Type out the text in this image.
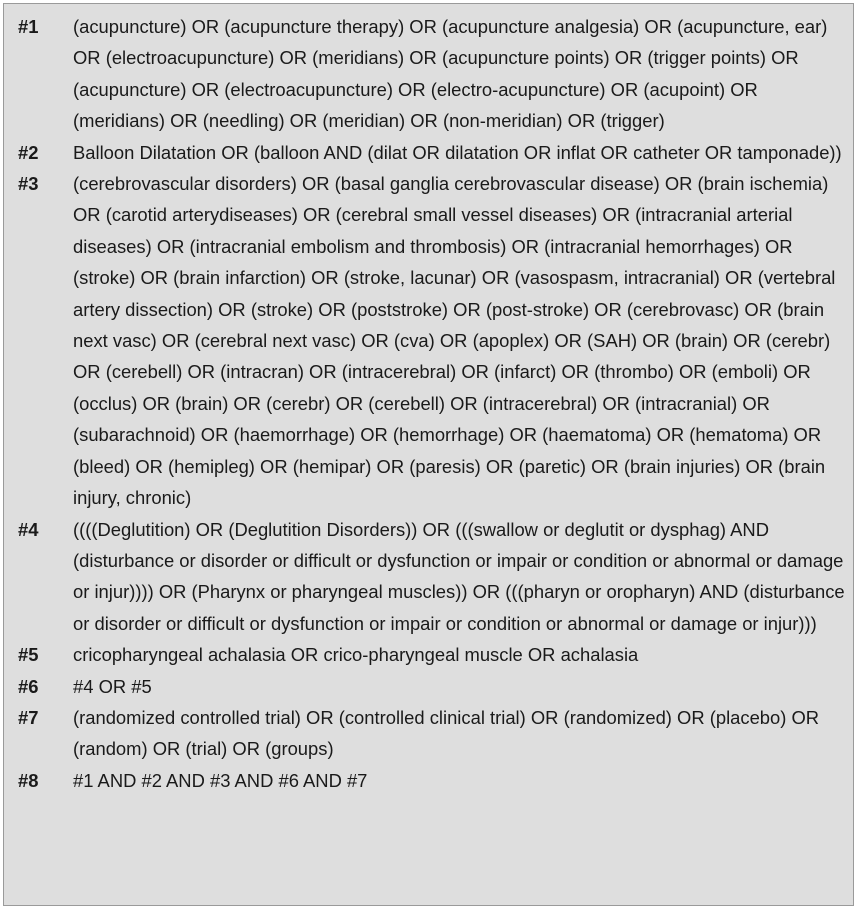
#1	(acupuncture) OR (acupuncture therapy) OR (acupuncture analgesia) OR (acupuncture, ear) OR (electroacupuncture) OR (meridians) OR (acupuncture points) OR (trigger points) OR (acupuncture) OR (electroacupuncture) OR (electro-acupuncture) OR (acupoint) OR (meridians) OR (needling) OR (meridian) OR (non-meridian) OR (trigger)
#2	Balloon Dilatation OR (balloon AND (dilat OR dilatation OR inflat OR catheter OR tamponade))
#3	(cerebrovascular disorders) OR (basal ganglia cerebrovascular disease) OR (brain ischemia) OR (carotid arterydiseases) OR (cerebral small vessel diseases) OR (intracranial arterial diseases) OR (intracranial embolism and thrombosis) OR (intracranial hemorrhages) OR (stroke) OR (brain infarction) OR (stroke, lacunar) OR (vasospasm, intracranial) OR (vertebral artery dissection) OR (stroke) OR (poststroke) OR (post-stroke) OR (cerebrovasc) OR (brain next vasc) OR (cerebral next vasc) OR (cva) OR (apoplex) OR (SAH) OR (brain) OR (cerebr) OR (cerebell) OR (intracran) OR (intracerebral) OR (infarct) OR (thrombo) OR (emboli) OR (occlus) OR (brain) OR (cerebr) OR (cerebell) OR (intracerebral) OR (intracranial) OR (subarachnoid) OR (haemorrhage) OR (hemorrhage) OR (haematoma) OR (hematoma) OR (bleed) OR (hemipleg) OR (hemipar) OR (paresis) OR (paretic) OR (brain injuries) OR (brain injury, chronic)
#4	((((Deglutition) OR (Deglutition Disorders)) OR (((swallow or deglutit or dysphag) AND (disturbance or disorder or difficult or dysfunction or impair or condition or abnormal or damage or injur)))) OR (Pharynx or pharyngeal muscles)) OR (((pharyn or oropharyn) AND (disturbance or disorder or difficult or dysfunction or impair or condition or abnormal or damage or injur)))
#5	cricopharyngeal achalasia OR crico-pharyngeal muscle OR achalasia
#6	#4 OR #5
#7	(randomized controlled trial) OR (controlled clinical trial) OR (randomized) OR (placebo) OR (random) OR (trial) OR (groups)
#8	#1 AND #2 AND #3 AND #6 AND #7
